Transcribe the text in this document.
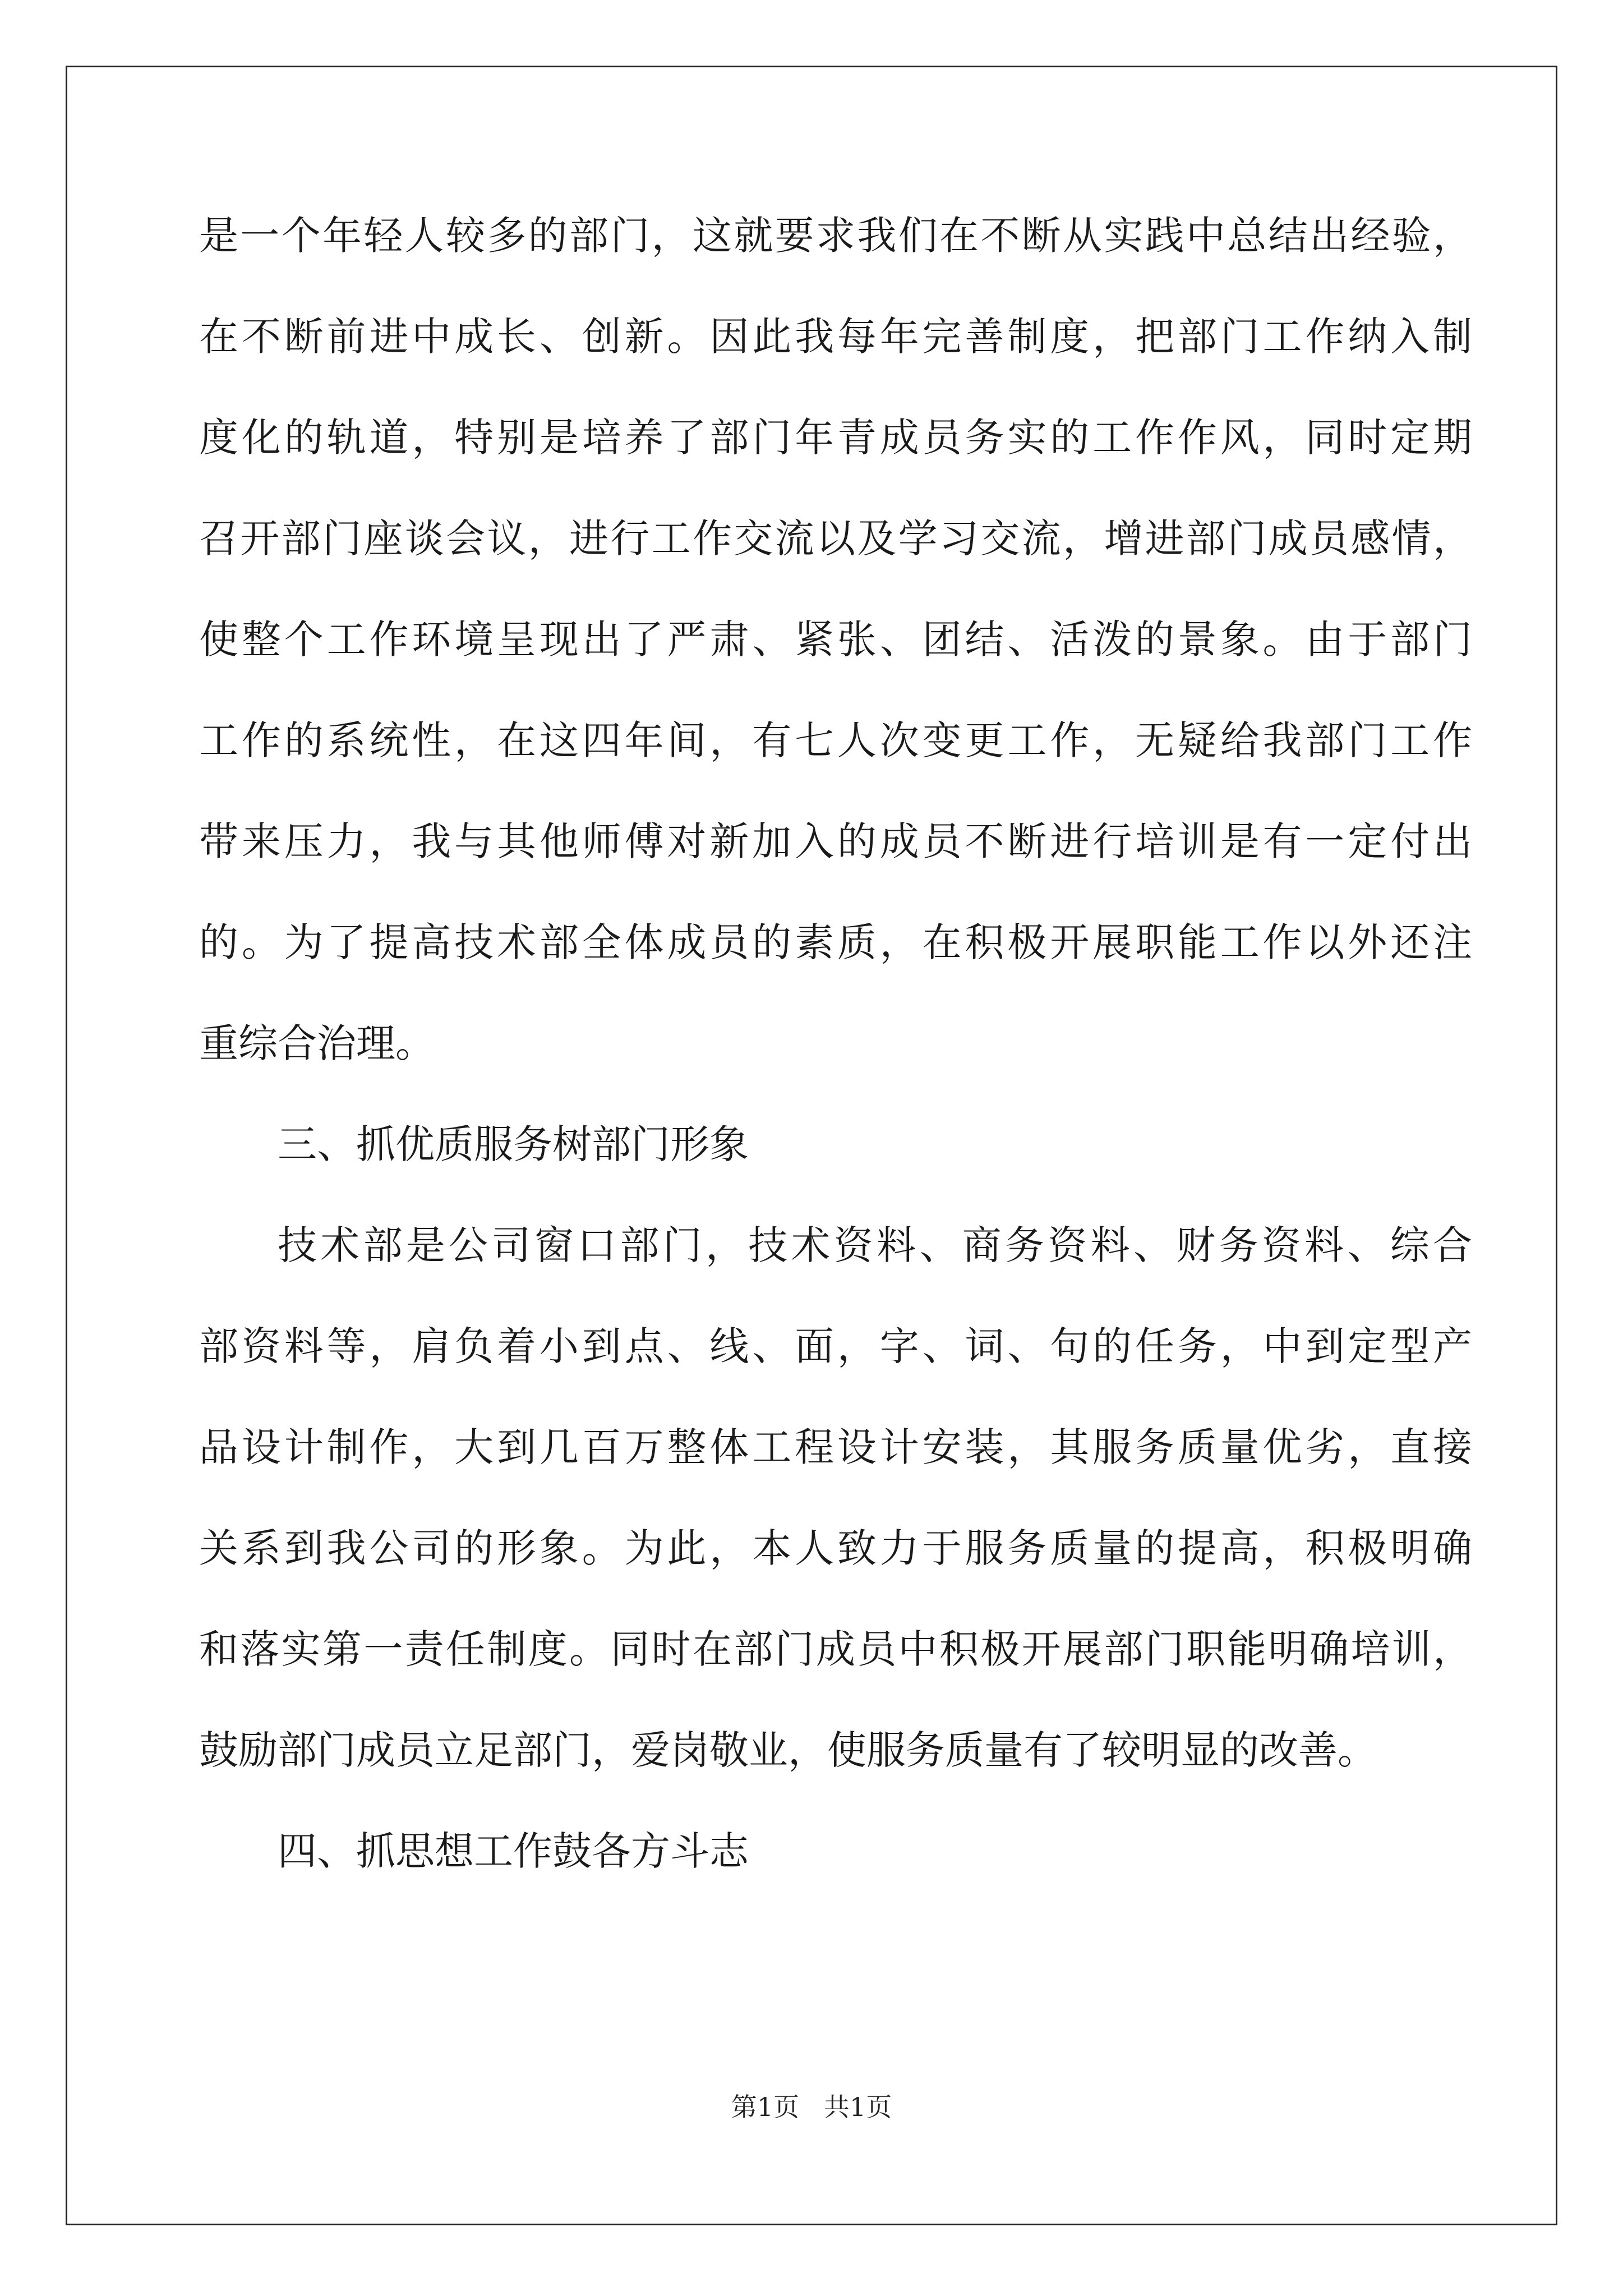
是一个年轻人较多的部门，这就要求我们在不断从实践中总结出经验，
在不断前进中成长、创新。因此我每年完善制度，把部门工作纳入制
度化的轨道，特别是培养了部门年青成员务实的工作作风，同时定期
召开部门座谈会议，进行工作交流以及学习交流，增进部门成员感情，
使整个工作环境呈现出了严肃、紧张、团结、活泼的景象。由于部门
工作的系统性，在这四年间，有七人次变更工作，无疑给我部门工作
带来压力，我与其他师傅对新加入的成员不断进行培训是有一定付出
的。为了提高技术部全体成员的素质，在积极开展职能工作以外还注
重综合治理。
三、抓优质服务树部门形象
技术部是公司窗口部门，技术资料、商务资料、财务资料、综合
部资料等，肩负着小到点、线、面，字、词、句的任务，中到定型产
品设计制作，大到几百万整体工程设计安装，其服务质量优劣，直接
关系到我公司的形象。为此，本人致力于服务质量的提高，积极明确
和落实第一责任制度。同时在部门成员中积极开展部门职能明确培训，
鼓励部门成员立足部门，爱岗敬业，使服务质量有了较明显的改善。
四、抓思想工作鼓各方斗志
第1页   共1页
